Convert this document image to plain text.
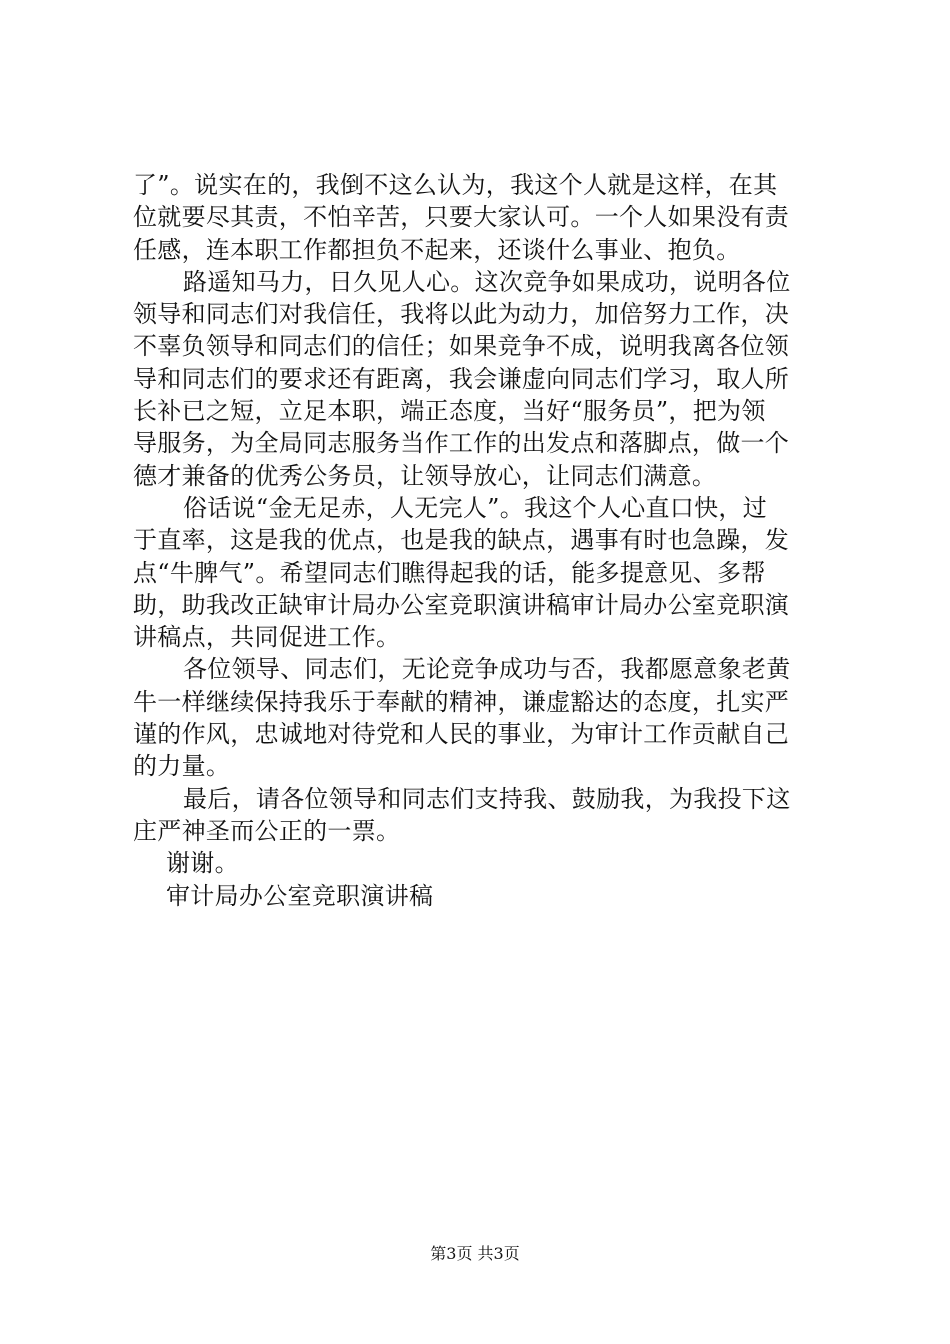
了”。说实在的，我倒不这么认为，我这个人就是这样，在其
位就要尽其责，不怕辛苦，只要大家认可。一个人如果没有责
任感，连本职工作都担负不起来，还谈什么事业、抱负。
路遥知马力，日久见人心。这次竞争如果成功，说明各位
领导和同志们对我信任，我将以此为动力，加倍努力工作，决
不辜负领导和同志们的信任；如果竞争不成，说明我离各位领
导和同志们的要求还有距离，我会谦虚向同志们学习，取人所
长补已之短，立足本职，端正态度，当好“服务员”，把为领
导服务，为全局同志服务当作工作的出发点和落脚点，做一个
德才兼备的优秀公务员，让领导放心，让同志们满意。
俗话说“金无足赤，人无完人”。我这个人心直口快，过
于直率，这是我的优点，也是我的缺点，遇事有时也急躁，发
点“牛脾气”。希望同志们瞧得起我的话，能多提意见、多帮
助，助我改正缺审计局办公室竞职演讲稿审计局办公室竞职演
讲稿点，共同促进工作。
各位领导、同志们，无论竞争成功与否，我都愿意象老黄
牛一样继续保持我乐于奉献的精神，谦虚豁达的态度，扎实严
谨的作风，忠诚地对待党和人民的事业，为审计工作贡献自己
的力量。
最后，请各位领导和同志们支持我、鼓励我，为我投下这
庄严神圣而公正的一票。
谢谢。
审计局办公室竞职演讲稿
第3页 共3页
